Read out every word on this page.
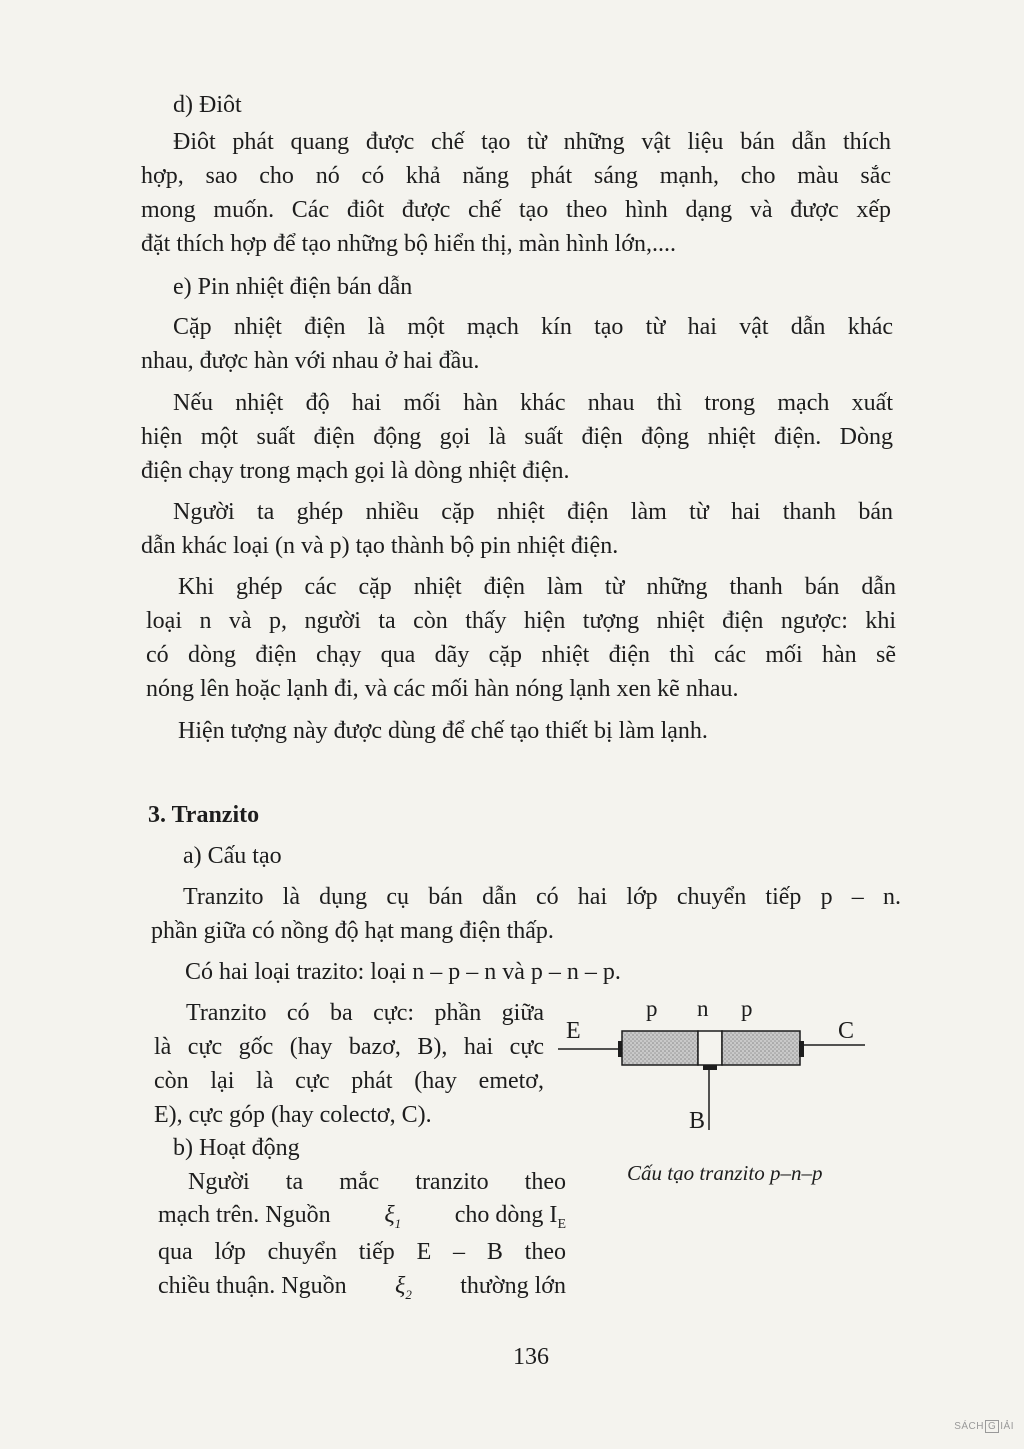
d) Điôt

Điôt phát quang được chế tạo từ những vật liệu bán dẫn thích

hợp, sao cho nó có khả năng phát sáng mạnh, cho màu sắc

mong muốn. Các điôt được chế tạo theo hình dạng và được xếp

đặt thích hợp để tạo những bộ hiển thị, màn hình lớn,....

e) Pin nhiệt điện bán dẫn

Cặp nhiệt điện là một mạch kín tạo từ hai vật dẫn khác

nhau, được hàn với nhau ở hai đầu.

Nếu nhiệt độ hai mối hàn khác nhau thì trong mạch xuất

hiện một suất điện động gọi là suất điện động nhiệt điện. Dòng

điện chạy trong mạch gọi là dòng nhiệt điện.

Người ta ghép nhiều cặp nhiệt điện làm từ hai thanh bán

dẫn khác loại (n và p) tạo thành bộ pin nhiệt điện.

Khi ghép các cặp nhiệt điện làm từ những thanh bán dẫn

loại n và p, người ta còn thấy hiện tượng nhiệt điện ngược: khi

có dòng điện chạy qua dãy cặp nhiệt điện thì các mối hàn sẽ

nóng lên hoặc lạnh đi, và các mối hàn nóng lạnh xen kẽ nhau.

Hiện tượng này được dùng để chế tạo thiết bị làm lạnh.

3. Tranzito

a) Cấu tạo

Tranzito là dụng cụ bán dẫn có hai lớp chuyển tiếp p – n.

phần giữa có nồng độ hạt mang điện thấp.

Có hai loại trazito: loại n – p – n và p – n – p.

Tranzito có ba cực: phần giữa

là cực gốc (hay bazơ, B), hai cực

còn lại là cực phát (hay emetơ,

E), cực góp (hay colectơ, C).

b) Hoạt động

Người ta mắc tranzito theo

mạch trên. Nguồn $\xi_1$ cho dòng $I_E$

qua lớp chuyển tiếp E – B theo

chiều thuận. Nguồn $\xi_2$ thường lớn

p n p
E	C
B

Cấu tạo tranzito p–n–p

136

SÁCH G IẢI
